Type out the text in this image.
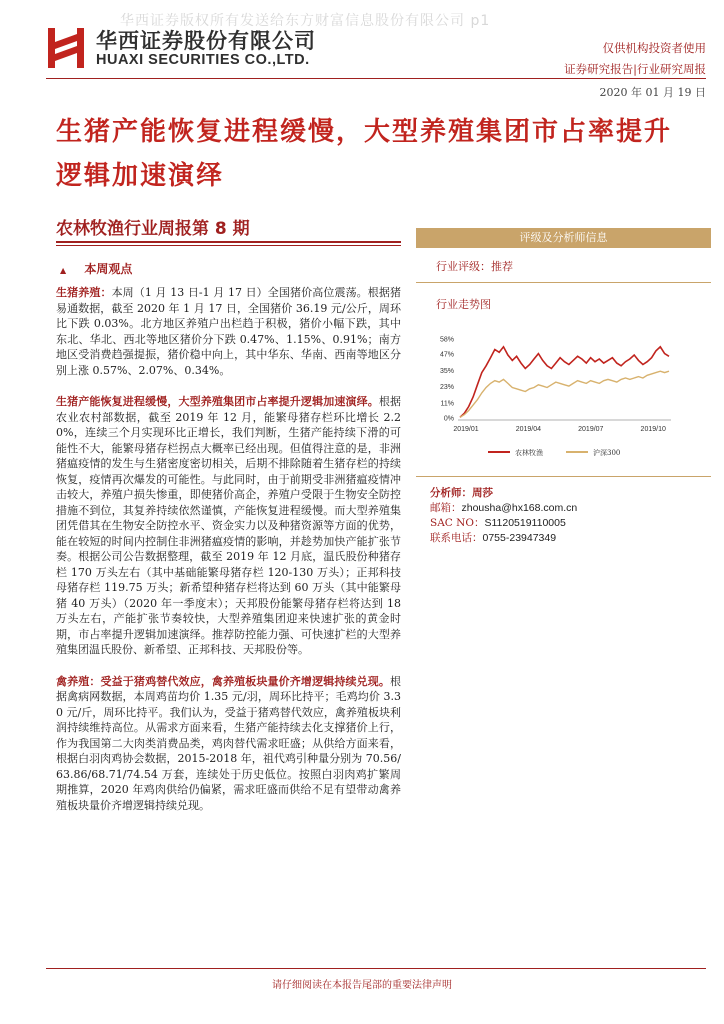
华西证券版权所有发送给东方财富信息股份有限公司 p1
华西证券股份有限公司
HUAXI SECURITIES CO.,LTD.
仅供机构投资者使用
证券研究报告|行业研究周报
2020 年 01 月 19 日
生猪产能恢复进程缓慢，大型养殖集团市占率提升逻辑加速演绎
农林牧渔行业周报第 8 期
▲ 本周观点

生猪养殖：本周（1 月 13 日-1 月 17 日）全国猪价高位震荡。根据猪易通数据，截至 2020 年 1 月 17 日，全国猪价 36.19 元/公斤，周环比下跌 0.03%。北方地区养殖户出栏趋于积极，猪价小幅下跌，其中东北、华北、西北等地区猪价分下跌 0.47%、1.15%、0.91%；南方地区受消费趋强提振，猪价稳中向上，其中华东、华南、西南等地区分别上涨 0.57%、2.07%、0.34%。

生猪产能恢复进程缓慢，大型养殖集团市占率提升逻辑加速演绎。根据农业农村部数据，截至 2019 年 12 月，能繁母猪存栏环比增长 2.20%，连续三个月实现环比正增长，我们判断，生猪产能持续下滑的可能性不大，能繁母猪存栏拐点大概率已经出现。但值得注意的是，非洲猪瘟疫情的发生与生猪密度密切相关，后期不排除随着生猪存栏的持续恢复，疫情再次爆发的可能性。与此同时，由于前期受非洲猪瘟疫情冲击较大，养殖户损失惨重，即使猪价高企，养殖户受限于生物安全防控措施不到位，其复养持续依然谨慎，产能恢复进程缓慢。而大型养殖集团凭借其在生物安全防控水平、资金实力以及种猪资源等方面的优势，能在较短的时间内控制住非洲猪瘟疫情的影响，并趁势加快产能扩张节奏。根据公司公告数据整理，截至 2019 年 12 月底，温氏股份种猪存栏 170 万头左右（其中基础能繁母猪存栏 120-130 万头）；正邦科技母猪存栏 119.75 万头；新希望种猪存栏将达到 60 万头（其中能繁母猪 40 万头）（2020 年一季度末）；天邦股份能繁母猪存栏将达到 18 万头左右，产能扩张节奏较快，大型养殖集团迎来快速扩张的黄金时期，市占率提升逻辑加速演绎。推荐防控能力强、可快速扩栏的大型养殖集团温氏股份、新希望、正邦科技、天邦股份等。

禽养殖：受益于猪鸡替代效应，禽养殖板块量价齐增逻辑持续兑现。根据禽病网数据，本周鸡苗均价 1.35 元/羽，周环比持平；毛鸡均价 3.30 元/斤，周环比持平。我们认为，受益于猪鸡替代效应，禽养殖板块利润持续维持高位。从需求方面来看，生猪产能持续去化支撑猪价上行，作为我国第二大肉类消费品类，鸡肉替代需求旺盛；从供给方面来看，根据白羽肉鸡协会数据，2015-2018 年，祖代鸡引种量分别为 70.56/63.86/68.71/74.54 万套，连续处于历史低位。按照白羽肉鸡扩繁周期推算，2020 年鸡肉供给仍偏紧，需求旺盛而供给不足有望带动禽养殖板块量价齐增逻辑持续兑现。

评级及分析师信息
行业评级：推荐
行业走势图
58%
47%
35%
23%
11%
0%
2019/01	2019/04	2019/07	2019/10
农林牧渔	沪深300
分析师：周莎
邮箱：zhousha@hx168.com.cn
SAC NO：S1120519110005
联系电话：0755-23947349
请仔细阅读在本报告尾部的重要法律声明
